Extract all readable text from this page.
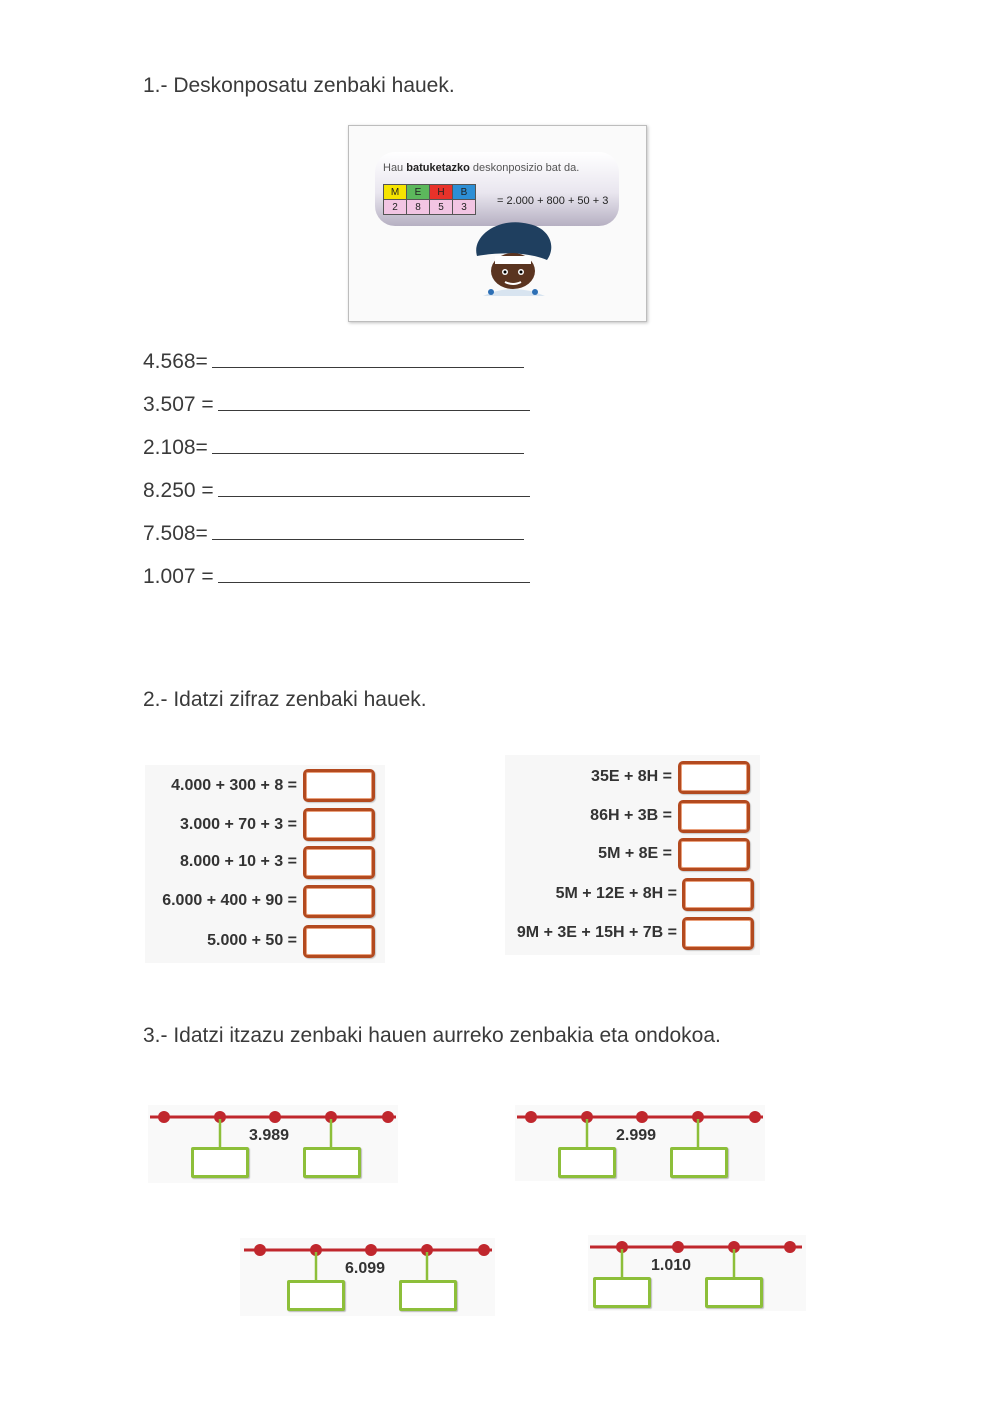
1.- Deskonposatu zenbaki hauek.
Hau batuketazko deskonposizio bat da.
M	E	H	B
2	8	5	3	= 2.000 + 800 + 50 + 3
4.568=
3.507 =
2.108=
8.250 =
7.508=
1.007 =
2.- Idatzi zifraz zenbaki hauek.
4.000 + 300 + 8 =
3.000 + 70 + 3 =
8.000 + 10 + 3 =
6.000 + 400 + 90 =
5.000 + 50 =
35E + 8H =
86H + 3B =
5M + 8E =
5M + 12E + 8H =
9M + 3E + 15H + 7B =
3.- Idatzi itzazu zenbaki hauen aurreko zenbakia eta ondokoa.
3.989	2.999
6.099	1.010
